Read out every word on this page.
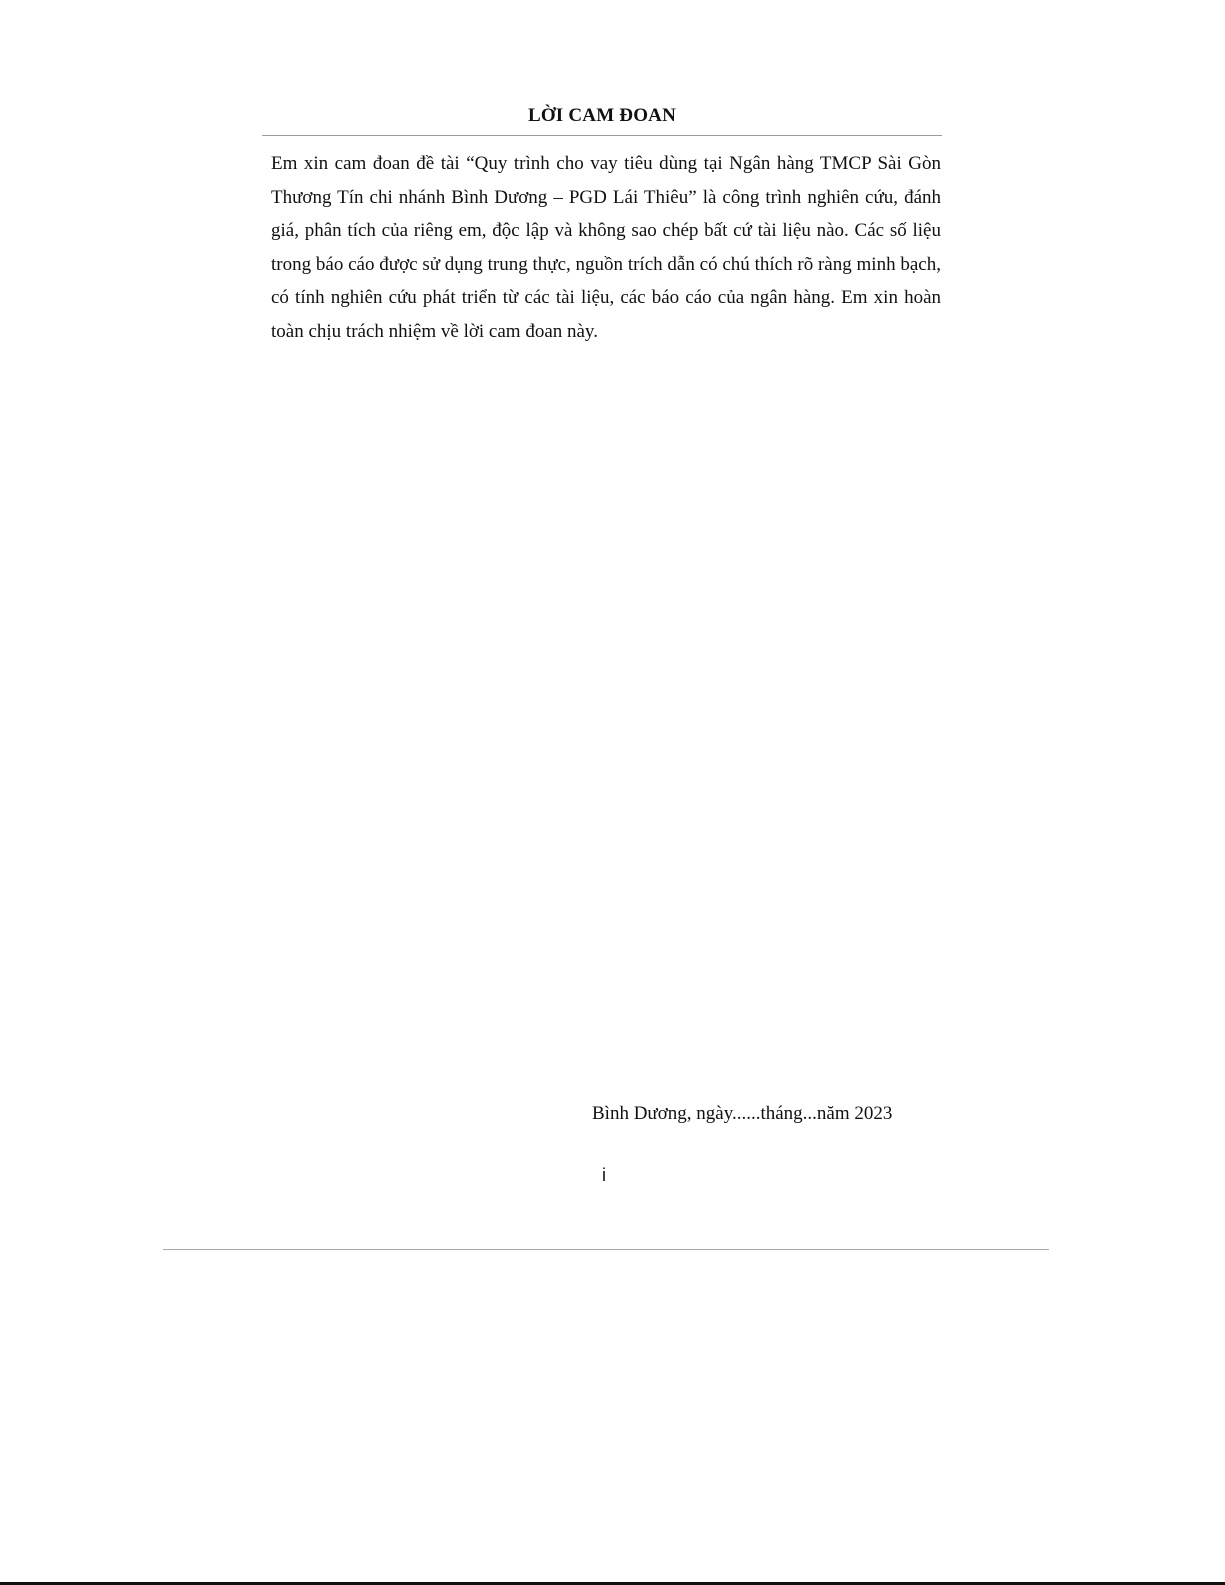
LỜI CAM ĐOAN

Em xin cam đoan đề tài “Quy trình cho vay tiêu dùng tại Ngân hàng TMCP Sài Gòn Thương Tín chi nhánh Bình Dương – PGD Lái Thiêu” là công trình nghiên cứu, đánh giá, phân tích của riêng em, độc lập và không sao chép bất cứ tài liệu nào. Các số liệu trong báo cáo được sử dụng trung thực, nguồn trích dẫn có chú thích rõ ràng minh bạch, có tính nghiên cứu phát triển từ các tài liệu, các báo cáo của ngân hàng. Em xin hoàn toàn chịu trách nhiệm về lời cam đoan này.

Bình Dương, ngày......tháng...năm 2023

i
